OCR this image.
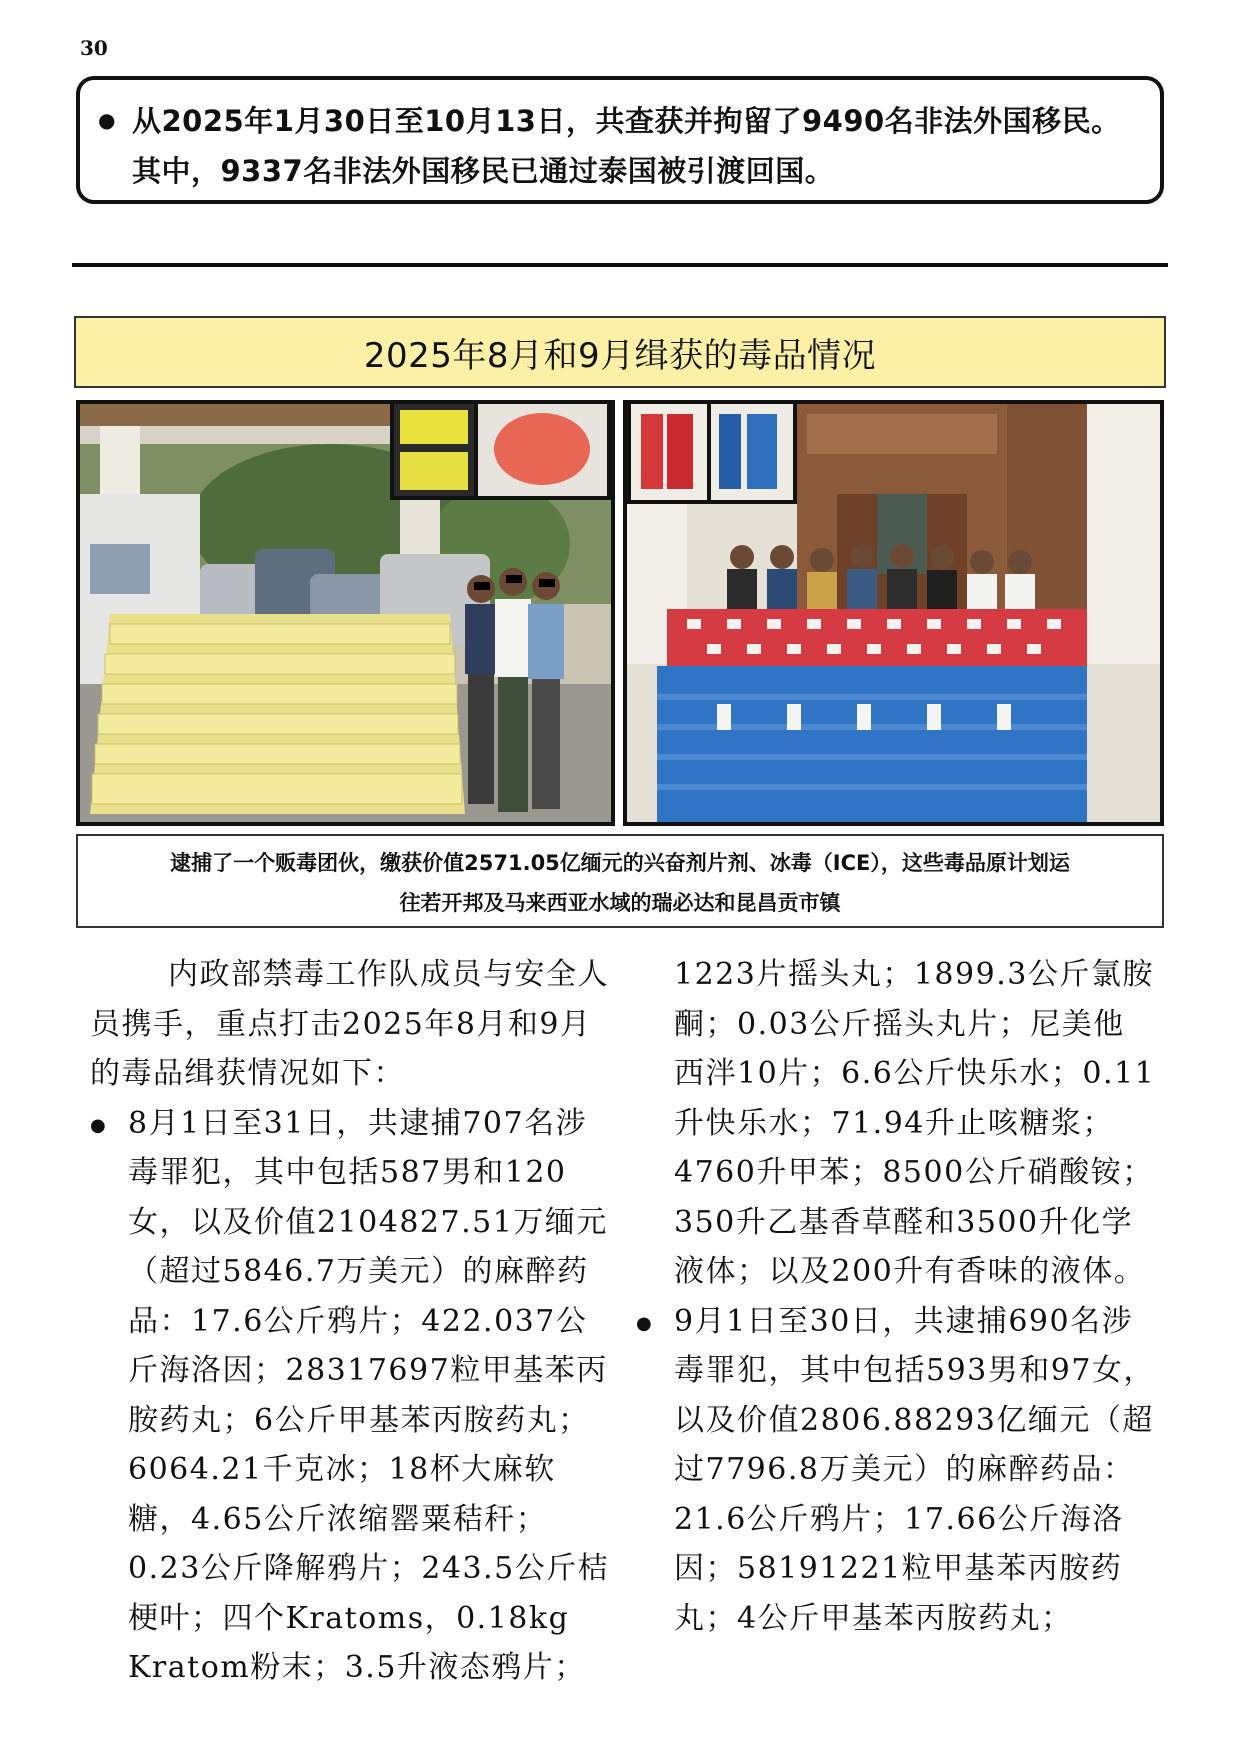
30
● 从2025年1月30日至10月13日，共查获并拘留了9490名非法外国移民。其中，9337名非法外国移民已通过泰国被引渡回国。
2025年8月和9月缉获的毒品情况
逮捕了一个贩毒团伙，缴获价值2571.05亿缅元的兴奋剂片剂、冰毒（ICE），这些毒品原计划运
往若开邦及马来西亚水域的瑞必达和昆昌贡市镇

内政部禁毒工作队成员与安全人员携手，重点打击2025年8月和9月的毒品缉获情况如下：

● 8月1日至31日，共逮捕707名涉毒罪犯，其中包括587男和120女，以及价值2104827.51万缅元（超过5846.7万美元）的麻醉药品：17.6公斤鸦片；422.037公斤海洛因；28317697粒甲基苯丙胺药丸；6公斤甲基苯丙胺药丸；6064.21千克冰；18杯大麻软糖，4.65公斤浓缩罂粟秸秆；0.23公斤降解鸦片；243.5公斤桔梗叶；四个Kratoms，0.18kg Kratom粉末；3.5升液态鸦片；

1223片摇头丸；1899.3公斤氯胺酮；0.03公斤摇头丸片；尼美他西泮10片；6.6公斤快乐水；0.11升快乐水；71.94升止咳糖浆；4760升甲苯；8500公斤硝酸铵；350升乙基香草醛和3500升化学液体；以及200升有香味的液体。

● 9月1日至30日，共逮捕690名涉毒罪犯，其中包括593男和97女，以及价值2806.88293亿缅元（超过7796.8万美元）的麻醉药品：21.6公斤鸦片；17.66公斤海洛因；58191221粒甲基苯丙胺药丸；4公斤甲基苯丙胺药丸；
